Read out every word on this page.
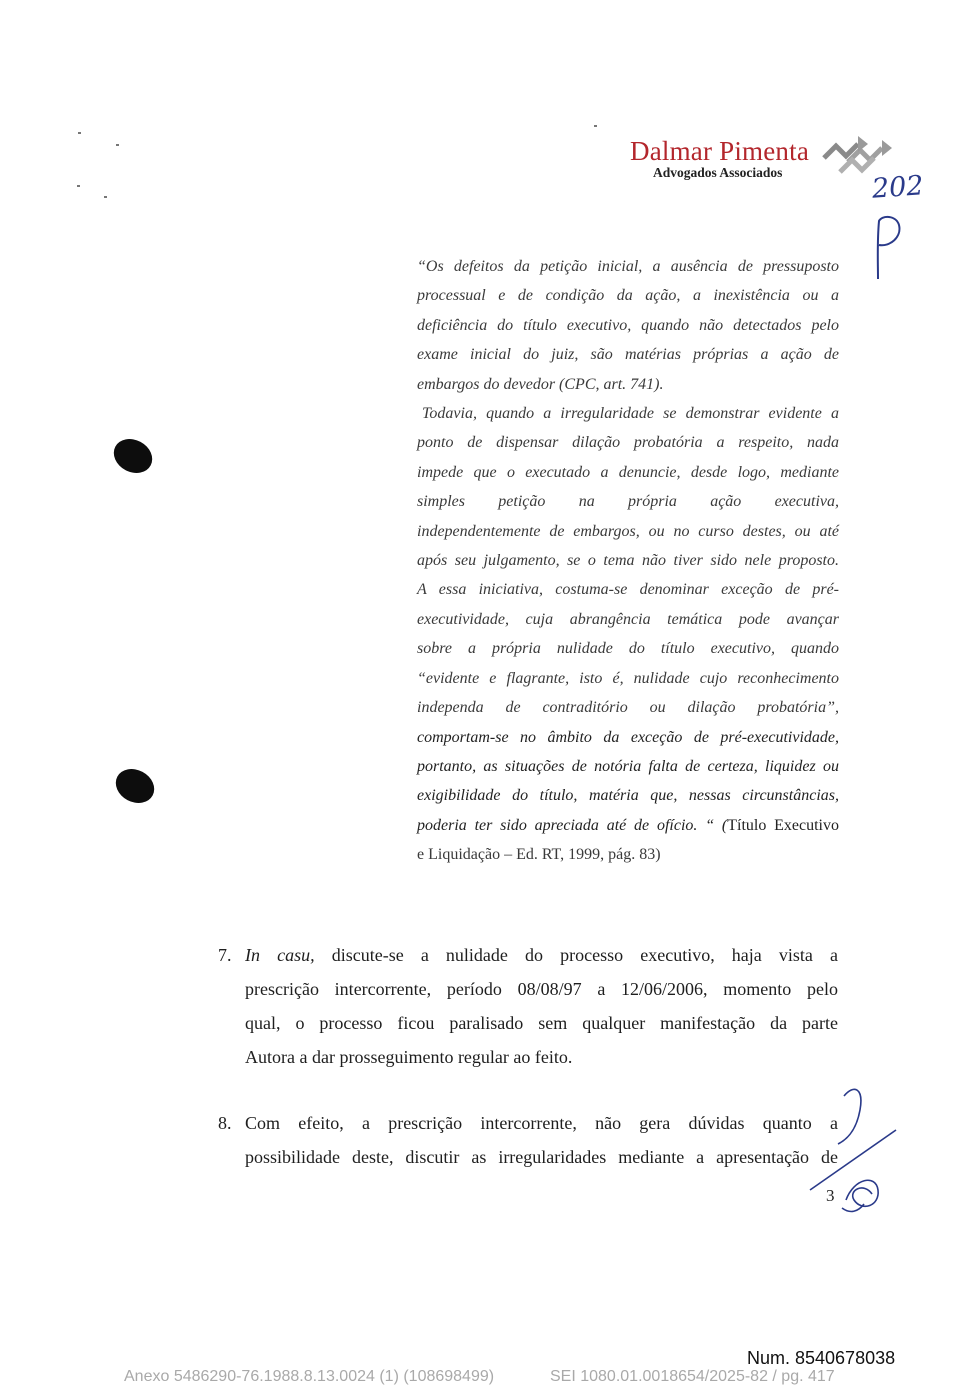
Dalmar Pimenta
Advogados Associados	202
P

“Os defeitos da petição inicial, a ausência de pressuposto

processual e de condição da ação, a inexistência ou a

deficiência do título executivo, quando não detectados pelo

exame inicial do juiz, são matérias próprias a ação de

embargos do devedor (CPC, art. 741).

Todavia, quando a irregularidade se demonstrar evidente a

ponto de dispensar dilação probatória a respeito, nada

impede que o executado a denuncie, desde logo, mediante

simples petição na própria ação executiva,

independentemente de embargos, ou no curso destes, ou até

após seu julgamento, se o tema não tiver sido nele proposto.

A essa iniciativa, costuma-se denominar exceção de pré-

executividade, cuja abrangência temática pode avançar

sobre a própria nulidade do título executivo, quando

“evidente e flagrante, isto é, nulidade cujo reconhecimento

independa de contraditório ou dilação probatória”,

comportam-se no âmbito da exceção de pré-executividade,

portanto, as situações de notória falta de certeza, liquidez ou

exigibilidade do título, matéria que, nessas circunstâncias,

poderia ter sido apreciada até de ofício. “ (Título Executivo

e Liquidação – Ed. RT, 1999, pág. 83)

7. In casu, discute-se a nulidade do processo executivo, haja vista a
prescrição intercorrente, período 08/08/97 a 12/06/2006, momento pelo
qual, o processo ficou paralisado sem qualquer manifestação da parte
Autora a dar prosseguimento regular ao feito.
8. Com efeito, a prescrição intercorrente, não gera dúvidas quanto a
possibilidade deste, discutir as irregularidades mediante a apresentação de
3
Num. 8540678038
Anexo 5486290-76.1988.8.13.0024 (1) (108698499)	SEI 1080.01.0018654/2025-82 / pg. 417
